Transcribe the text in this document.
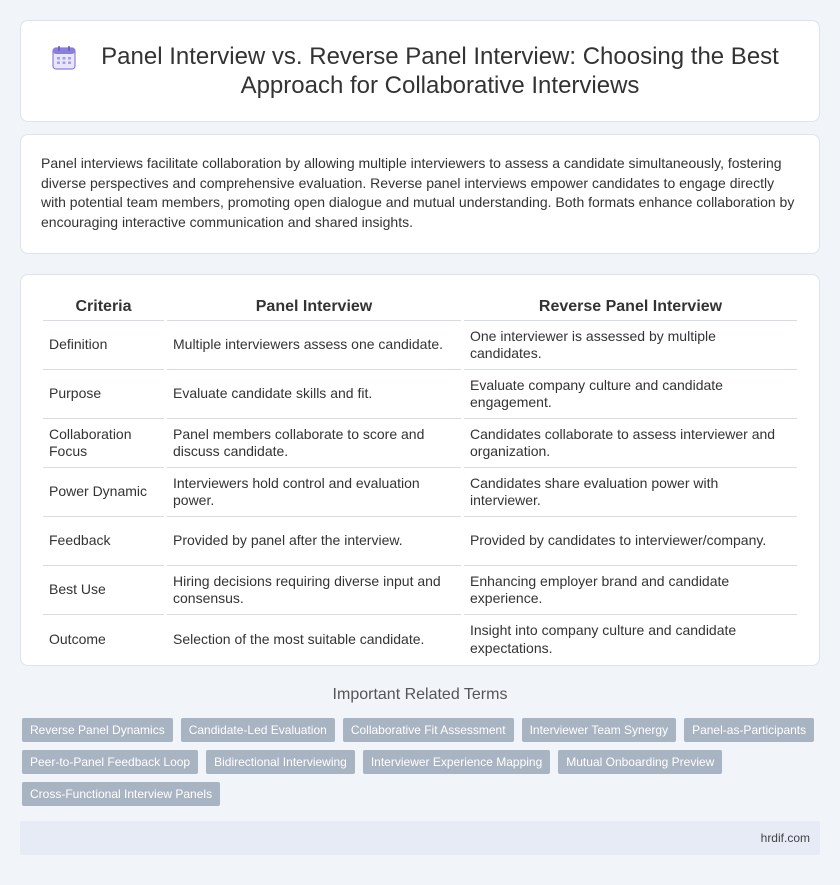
Panel Interview vs. Reverse Panel Interview: Choosing the Best Approach for Collaborative Interviews

Panel interviews facilitate collaboration by allowing multiple interviewers to assess a candidate simultaneously, fostering diverse perspectives and comprehensive evaluation. Reverse panel interviews empower candidates to engage directly with potential team members, promoting open dialogue and mutual understanding. Both formats enhance collaboration by encouraging interactive communication and shared insights.

Criteria		Panel Interview		Reverse Panel Interview
Definition		Multiple interviewers assess one candidate.		One interviewer is assessed by multiple candidates.
Purpose		Evaluate candidate skills and fit.		Evaluate company culture and candidate engagement.
Collaboration Focus		Panel members collaborate to score and discuss candidate.		Candidates collaborate to assess interviewer and organization.
Power Dynamic		Interviewers hold control and evaluation power.		Candidates share evaluation power with interviewer.
Feedback		Provided by panel after the interview.		Provided by candidates to interviewer/company.
Best Use		Hiring decisions requiring diverse input and consensus.		Enhancing employer brand and candidate experience.
Outcome		Selection of the most suitable candidate.		Insight into company culture and candidate expectations.
Important Related Terms
Reverse Panel Dynamics	Candidate-Led Evaluation	Collaborative Fit Assessment	Interviewer Team Synergy	Panel-as-Participants
Peer-to-Panel Feedback Loop	Bidirectional Interviewing	Interviewer Experience Mapping	Mutual Onboarding Preview
Cross-Functional Interview Panels
hrdif.com
